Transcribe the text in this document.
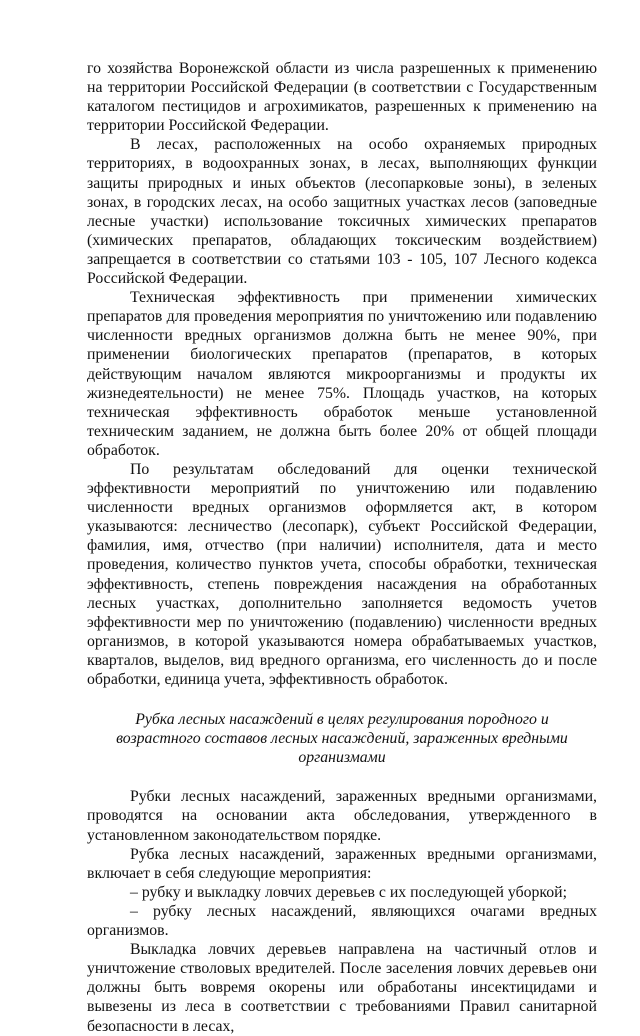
го хозяйства Воронежской области из числа разрешенных к применению на территории Российской Федерации (в соответствии с Государственным каталогом пестицидов и агрохимикатов, разрешенных к применению на территории Российской Федерации.

В лесах, расположенных на особо охраняемых природных территориях, в водоохранных зонах, в лесах, выполняющих функции защиты природных и иных объектов (лесопарковые зоны), в зеленых зонах, в городских лесах, на особо защитных участках лесов (заповедные лесные участки) использование токсичных химических препаратов (химических препаратов, обладающих токсическим воздействием) запрещается в соответствии со статьями 103 - 105, 107 Лесного кодекса Российской Федерации.

Техническая эффективность при применении химических препаратов для проведения мероприятия по уничтожению или подавлению численности вредных организмов должна быть не менее 90%, при применении биологических препаратов (препаратов, в которых действующим началом являются микроорганизмы и продукты их жизнедеятельности) не менее 75%. Площадь участков, на которых техническая эффективность обработок меньше установленной техническим заданием, не должна быть более 20% от общей площади обработок.

По результатам обследований для оценки технической эффективности мероприятий по уничтожению или подавлению численности вредных организмов оформляется акт, в котором указываются: лесничество (лесопарк), субъект Российской Федерации, фамилия, имя, отчество (при наличии) исполнителя, дата и место проведения, количество пунктов учета, способы обработки, техническая эффективность, степень повреждения насаждения на обработанных лесных участках, дополнительно заполняется ведомость учетов эффективности мер по уничтожению (подавлению) численности вредных организмов, в которой указываются номера обрабатываемых участков, кварталов, выделов, вид вредного организма, его численность до и после обработки, единица учета, эффективность обработок.

Рубка лесных насаждений в целях регулирования породного и возрастного составов лесных насаждений, зараженных вредными организмами

Рубки лесных насаждений, зараженных вредными организмами, проводятся на основании акта обследования, утвержденного в установленном законодательством порядке.

Рубка лесных насаждений, зараженных вредными организмами, включает в себя следующие мероприятия:

– рубку и выкладку ловчих деревьев с их последующей уборкой;

– рубку лесных насаждений, являющихся очагами вредных организмов.

Выкладка ловчих деревьев направлена на частичный отлов и уничтожение стволовых вредителей. После заселения ловчих деревьев они должны быть вовремя окорены или обработаны инсектицидами и вывезены из леса в соответствии с требованиями Правил санитарной безопасности в лесах,
